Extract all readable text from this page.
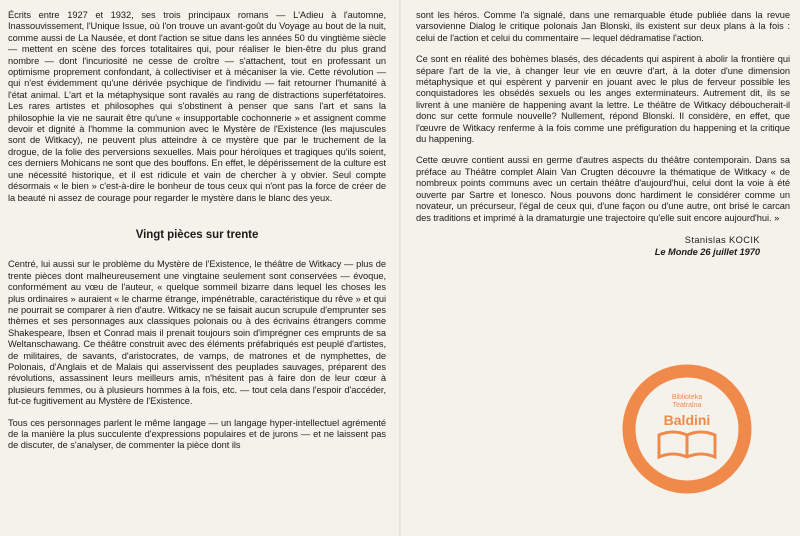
Écrits entre 1927 et 1932, ses trois principaux romans — L'Adieu à l'automne, Inassouvissement, l'Unique Issue, où l'on trouve un avant-goût du Voyage au bout de la nuit, comme aussi de La Nausée, et dont l'action se situe dans les années 50 du vingtième siècle — mettent en scène des forces totalitaires qui, pour réaliser le bien-être du plus grand nombre — dont l'incuriosité ne cesse de croître — s'attachent, tout en professant un optimisme proprement confondant, à collectiviser et à mécaniser la vie. Cette révolution — qui n'est évidemment qu'une dérivée psychique de l'individu — fait retourner l'humanité à l'état animal. L'art et la métaphysique sont ravalés au rang de distractions superfétatoires. Les rares artistes et philosophes qui s'obstinent à penser que sans l'art et sans la philosophie la vie ne saurait être qu'une « insupportable cochonnerie » et assignent comme devoir et dignité à l'homme la communion avec le Mystère de l'Existence (les majuscules sont de Witkacy), ne peuvent plus atteindre à ce mystère que par le truchement de la drogue, de la folie des perversions sexuelles. Mais pour héroïques et tragiques qu'ils soient, ces derniers Mohicans ne sont que des bouffons. En effet, le dépérissement de la culture est une nécessité historique, et il est ridicule et vain de chercher à y obvier. Seul compte désormais « le bien » c'est-à-dire le bonheur de tous ceux qui n'ont pas la force de créer de la beauté ni assez de courage pour regarder le mystère dans le blanc des yeux.

Vingt pièces sur trente

Centré, lui aussi sur le problème du Mystère de l'Existence, le théâtre de Witkacy — plus de trente pièces dont malheureusement une vingtaine seulement sont conservées — évoque, conformément au vœu de l'auteur, « quelque sommeil bizarre dans lequel les choses les plus ordinaires » auraient « le charme étrange, impénétrable, caractéristique du rêve » et qui ne pourrait se comparer à rien d'autre. Witkacy ne se faisait aucun scrupule d'emprunter ses thèmes et ses personnages aux classiques polonais ou à des écrivains étrangers comme Shakespeare, Ibsen et Conrad mais il prenait toujours soin d'imprégner ces emprunts de sa Weltanschawang. Ce théâtre construit avec des éléments préfabriqués est peuplé d'artistes, de militaires, de savants, d'aristocrates, de vamps, de matrones et de nymphettes, de Polonais, d'Anglais et de Malais qui asservissent des peuplades sauvages, préparent des révolutions, assassinent leurs meilleurs amis, n'hésitent pas à faire don de leur cœur à plusieurs femmes, ou à plusieurs hommes à la fois, etc. — tout cela dans l'espoir d'accéder, fut-ce fugitivement au Mystère de l'Existence.

Tous ces personnages parlent le même langage — un langage hyper-intellectuel agrémenté de la manière la plus succulente d'expressions populaires et de jurons — et ne laissent pas de discuter, de s'analyser, de commenter la pièce dont ils

sont les héros. Comme l'a signalé, dans une remarquable étude publiée dans la revue varsovienne Dialog le critique polonais Jan Blonski, ils existent sur deux plans à la fois : celui de l'action et celui du commentaire — lequel dédramatise l'action.

Ce sont en réalité des bohèmes blasés, des décadents qui aspirent à abolir la frontière qui sépare l'art de la vie, à changer leur vie en œuvre d'art, à la doter d'une dimension métaphysique et qui espèrent y parvenir en jouant avec le plus de ferveur possible les conquistadores les obsédés sexuels ou les anges exterminateurs. Autrement dit, ils se livrent à une manière de happening avant la lettre. Le théâtre de Witkacy déboucherait-il donc sur cette formule nouvelle? Nullement, répond Blonski. Il considère, en effet, que l'œuvre de Witkacy renferme à la fois comme une préfiguration du happening et la critique du happening.

Cette œuvre contient aussi en germe d'autres aspects du théâtre contemporain. Dans sa préface au Théâtre complet Alain Van Crugten découvre la thématique de Witkacy « de nombreux points communs avec un certain théâtre d'aujourd'hui, celui dont la voie à été ouverte par Sartre et Ionesco. Nous pouvons donc hardiment le considérer comme un novateur, un précurseur, l'égal de ceux qui, d'une façon ou d'une autre, ont brisé le carcan des traditions et imprimé à la dramaturgie une trajectoire qu'elle suit encore aujourd'hui. »

Stanislas KOCIK
Le Monde 26 juillet 1970
Biblioteka
Teatralna
Baldini
